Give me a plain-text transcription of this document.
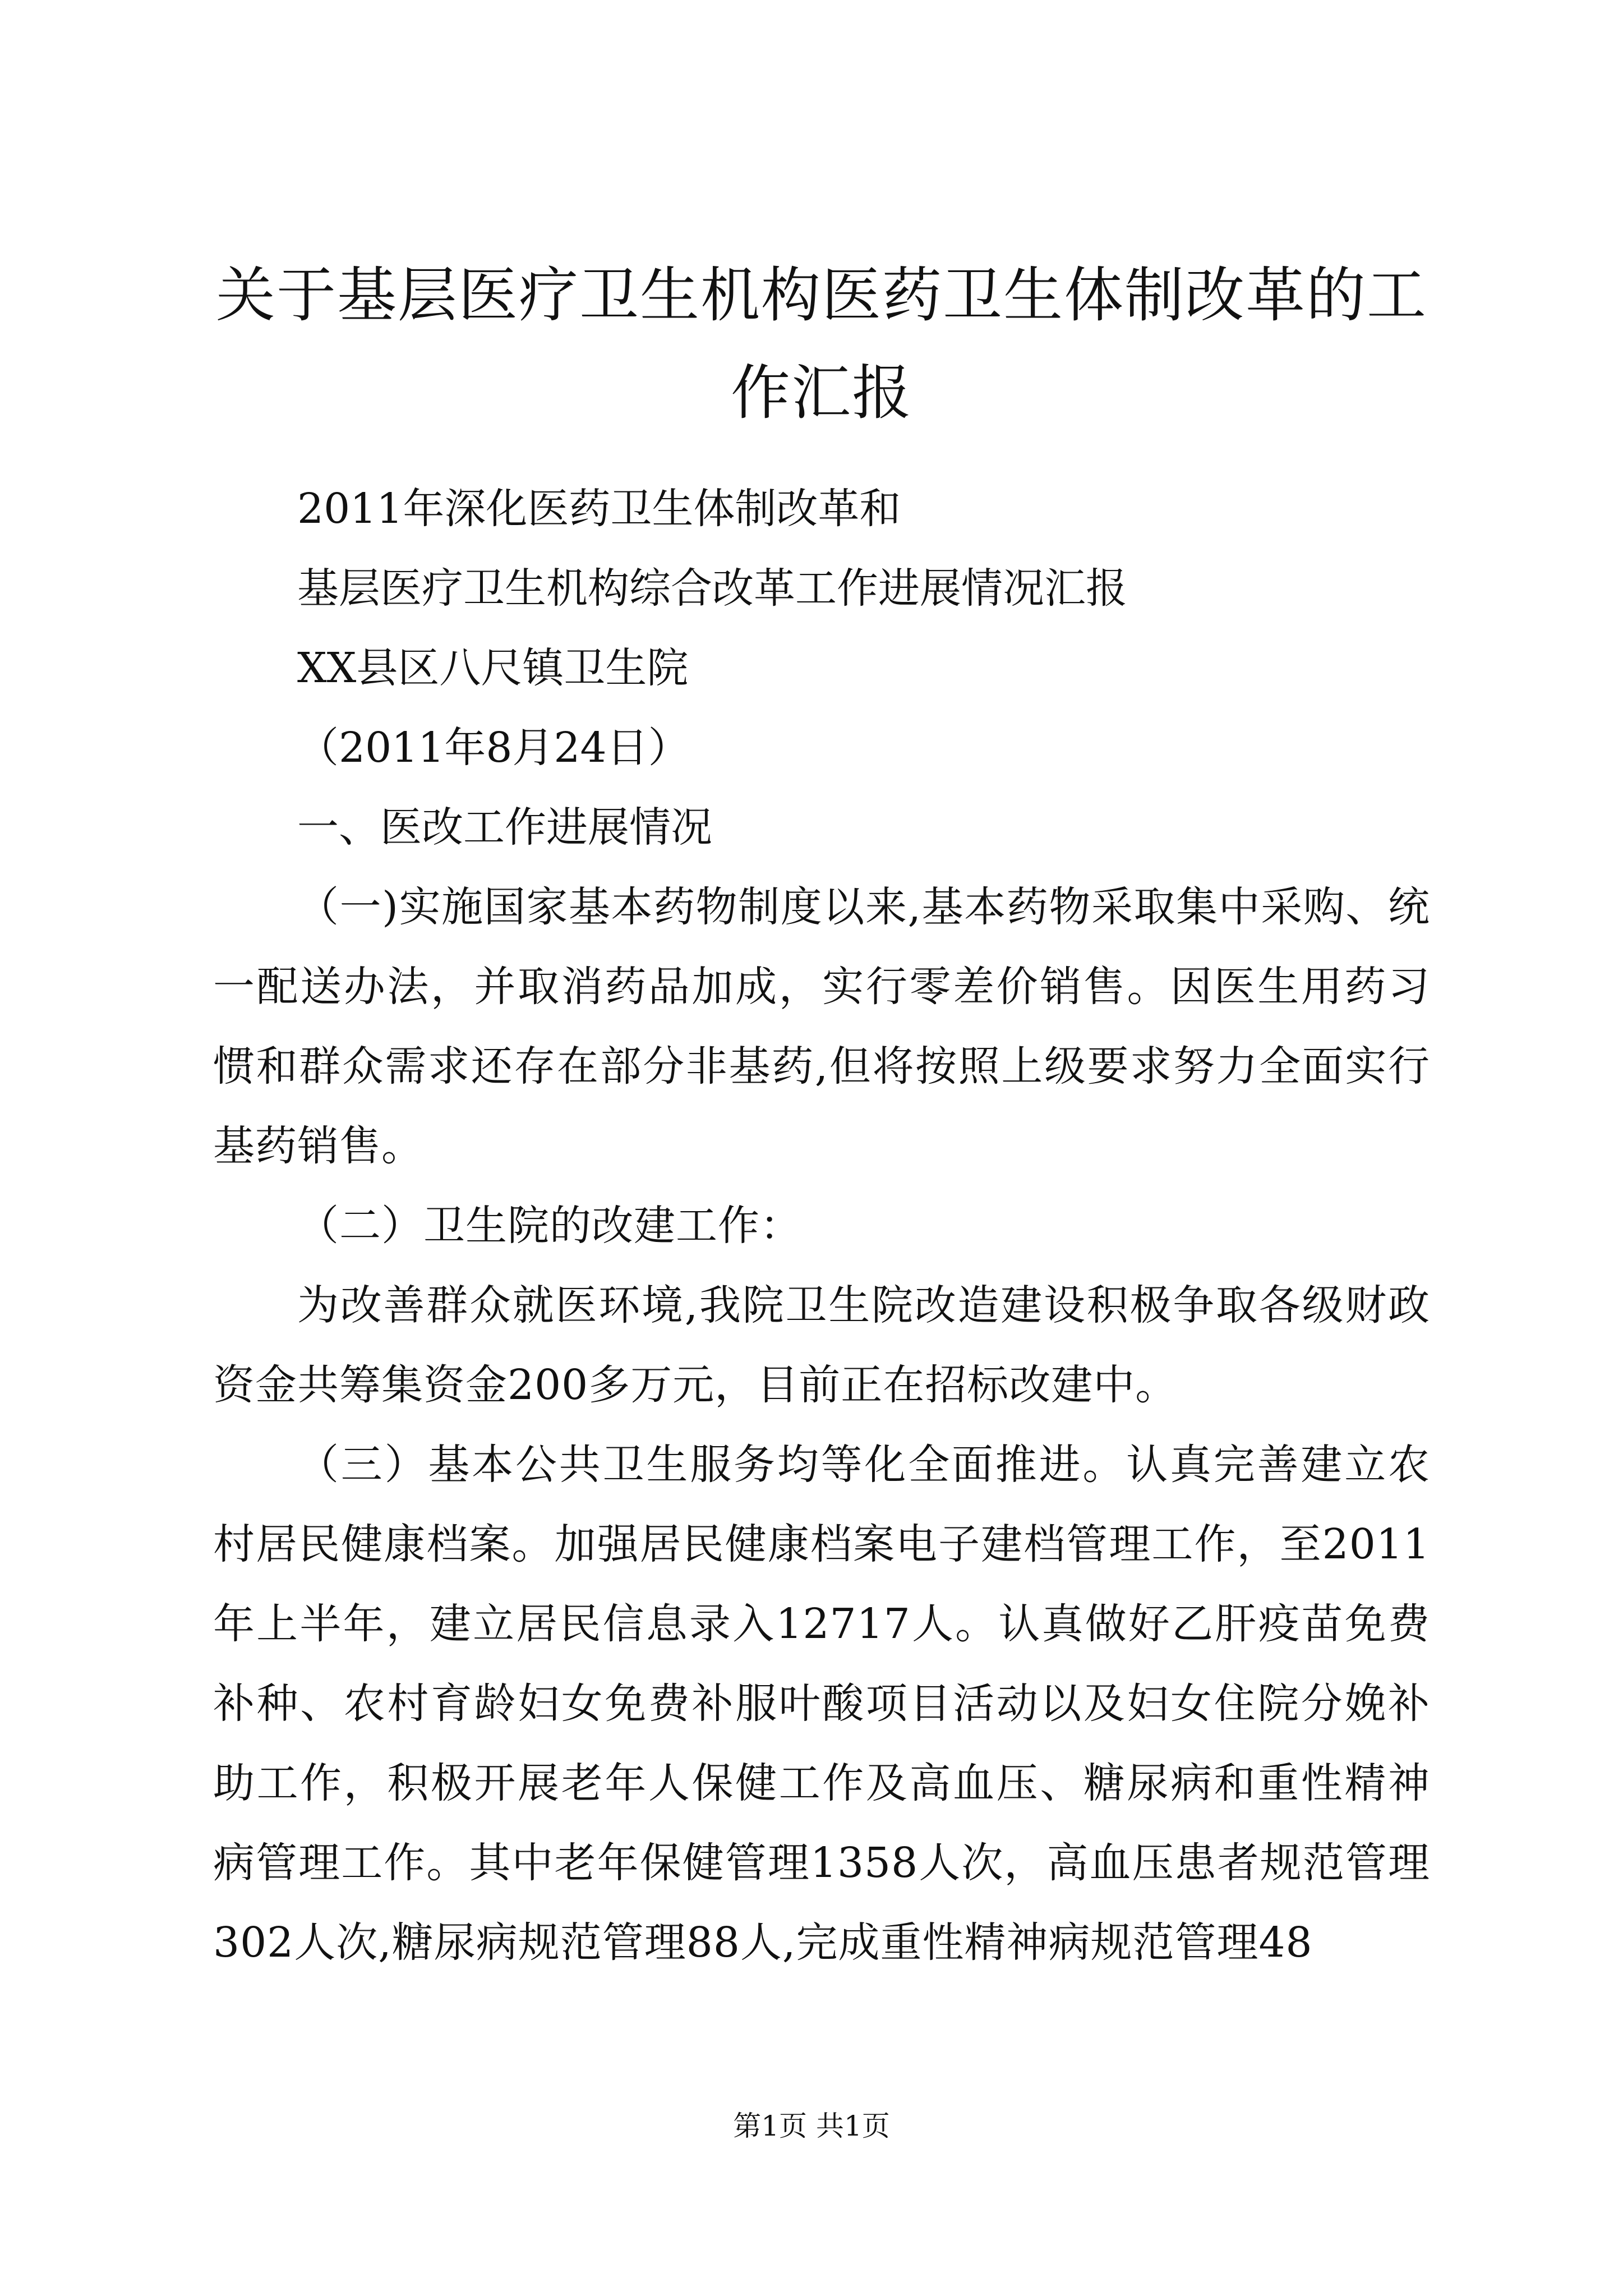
关于基层医疗卫生机构医药卫生体制改革的工作汇报

2011年深化医药卫生体制改革和

基层医疗卫生机构综合改革工作进展情况汇报

XX县区八尺镇卫生院

（2011年8月24日）

一、医改工作进展情况

（一)实施国家基本药物制度以来,基本药物采取集中采购、统一配送办法，并取消药品加成，实行零差价销售。因医生用药习惯和群众需求还存在部分非基药,但将按照上级要求努力全面实行基药销售。

（二）卫生院的改建工作：

为改善群众就医环境,我院卫生院改造建设积极争取各级财政资金共筹集资金200多万元，目前正在招标改建中。

（三）基本公共卫生服务均等化全面推进。认真完善建立农村居民健康档案。加强居民健康档案电子建档管理工作，至2011年上半年，建立居民信息录入12717人。认真做好乙肝疫苗免费补种、农村育龄妇女免费补服叶酸项目活动以及妇女住院分娩补助工作，积极开展老年人保健工作及高血压、糖尿病和重性精神病管理工作。其中老年保健管理1358人次，高血压患者规范管理302人次,糖尿病规范管理88人,完成重性精神病规范管理48

第1页 共1页
